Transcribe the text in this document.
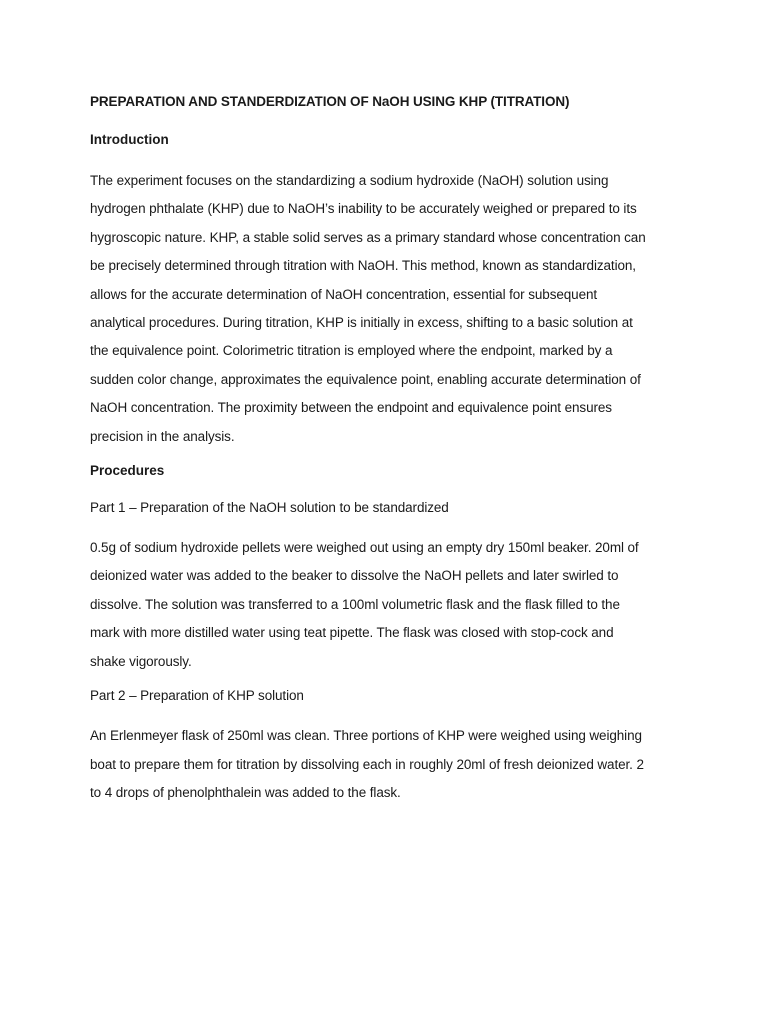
PREPARATION AND STANDERDIZATION OF NaOH USING KHP (TITRATION)
Introduction
The experiment focuses on the standardizing a sodium hydroxide (NaOH) solution using
hydrogen phthalate (KHP) due to NaOH’s inability to be accurately weighed or prepared to its
hygroscopic nature. KHP, a stable solid serves as a primary standard whose concentration can
be precisely determined through titration with NaOH. This method, known as standardization,
allows for the accurate determination of NaOH concentration, essential for subsequent
analytical procedures. During titration, KHP is initially in excess, shifting to a basic solution at
the equivalence point. Colorimetric titration is employed where the endpoint, marked by a
sudden color change, approximates the equivalence point, enabling accurate determination of
NaOH concentration. The proximity between the endpoint and equivalence point ensures
precision in the analysis.
Procedures
Part 1 – Preparation of the NaOH solution to be standardized
0.5g of sodium hydroxide pellets were weighed out using an empty dry 150ml beaker. 20ml of
deionized water was added to the beaker to dissolve the NaOH pellets and later swirled to
dissolve. The solution was transferred to a 100ml volumetric flask and the flask filled to the
mark with more distilled water using teat pipette. The flask was closed with stop-cock and
shake vigorously.
Part 2 – Preparation of KHP solution
An Erlenmeyer flask of 250ml was clean. Three portions of KHP were weighed using weighing
boat to prepare them for titration by dissolving each in roughly 20ml of fresh deionized water. 2
to 4 drops of phenolphthalein was added to the flask.
